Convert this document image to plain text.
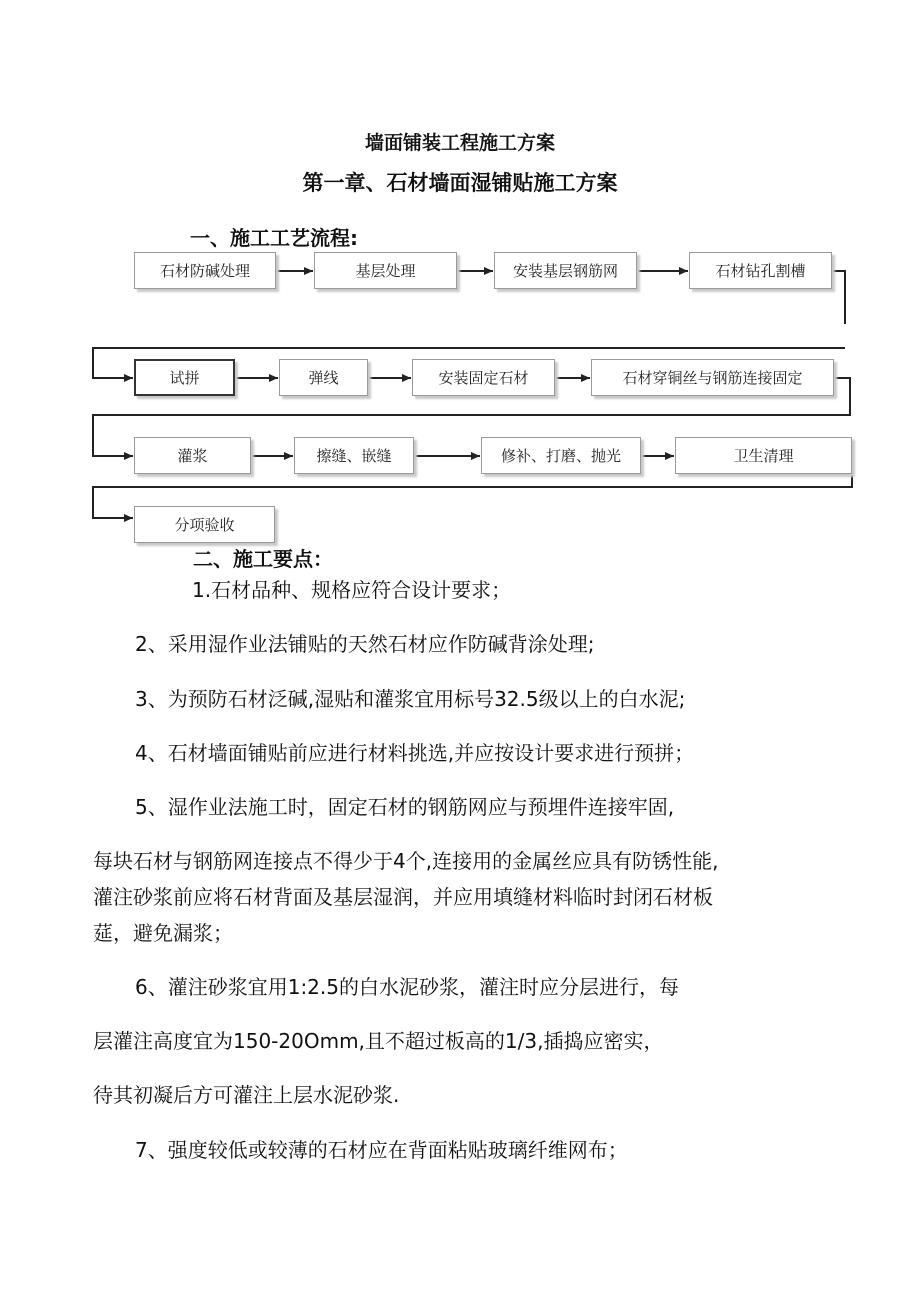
墙面铺装工程施工方案
第一章、石材墙面湿铺贴施工方案
一、施工工艺流程:
石材防碱处理	基层处理	安装基层钢筋网	石材钻孔割槽
试拼	弹线	安装固定石材	石材穿铜丝与钢筋连接固定
灌浆	擦缝、嵌缝	修补、打磨、抛光	卫生清理
分项验收
二、施工要点：
1.石材品种、规格应符合设计要求；
2、采用湿作业法铺贴的天然石材应作防碱背涂处理;
3、为预防石材泛碱,湿贴和灌浆宜用标号32.5级以上的白水泥;
4、石材墙面铺贴前应进行材料挑选,并应按设计要求进行预拼；
5、湿作业法施工时，固定石材的钢筋网应与预埋件连接牢固,
每块石材与钢筋网连接点不得少于4个,连接用的金属丝应具有防锈性能,
灌注砂浆前应将石材背面及基层湿润，并应用填缝材料临时封闭石材板
莚，避免漏浆；
6、灌注砂浆宜用1:2.5的白水泥砂浆，灌注时应分层进行，每
层灌注高度宜为150-20Omm,且不超过板高的1/3,插捣应密实，
待其初凝后方可灌注上层水泥砂浆.
7、强度较低或较薄的石材应在背面粘贴玻璃纤维网布；
